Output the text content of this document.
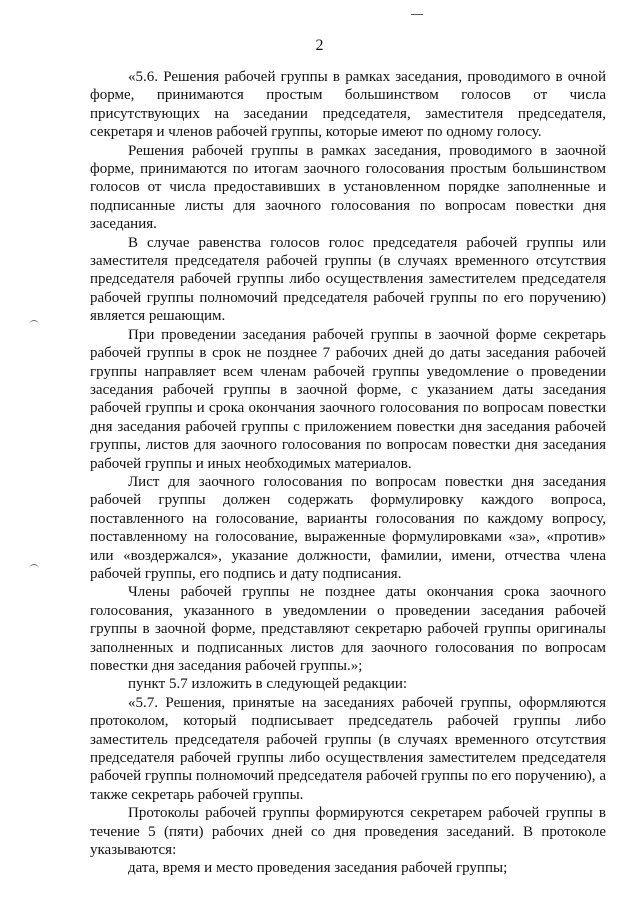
2

«5.6. Решения рабочей группы в рамках заседания, проводимого в очной форме, принимаются простым большинством голосов от числа присутствующих на заседании председателя, заместителя председателя, секретаря и членов рабочей группы, которые имеют по одному голосу.

Решения рабочей группы в рамках заседания, проводимого в заочной форме, принимаются по итогам заочного голосования простым большинством голосов от числа предоставивших в установленном порядке заполненные и подписанные листы для заочного голосования по вопросам повестки дня заседания.

В случае равенства голосов голос председателя рабочей группы или заместителя председателя рабочей группы (в случаях временного отсутствия председателя рабочей группы либо осуществления заместителем председателя рабочей группы полномочий председателя рабочей группы по его поручению) является решающим.

При проведении заседания рабочей группы в заочной форме секретарь рабочей группы в срок не позднее 7 рабочих дней до даты заседания рабочей группы направляет всем членам рабочей группы уведомление о проведении заседания рабочей группы в заочной форме, с указанием даты заседания рабочей группы и срока окончания заочного голосования по вопросам повестки дня заседания рабочей группы с приложением повестки дня заседания рабочей группы, листов для заочного голосования по вопросам повестки дня заседания рабочей группы и иных необходимых материалов.

Лист для заочного голосования по вопросам повестки дня заседания рабочей группы должен содержать формулировку каждого вопроса, поставленного на голосование, варианты голосования по каждому вопросу, поставленному на голосование, выраженные формулировками «за», «против» или «воздержался», указание должности, фамилии, имени, отчества члена рабочей группы, его подпись и дату подписания.

Члены рабочей группы не позднее даты окончания срока заочного голосования, указанного в уведомлении о проведении заседания рабочей группы в заочной форме, представляют секретарю рабочей группы оригиналы заполненных и подписанных листов для заочного голосования по вопросам повестки дня заседания рабочей группы.»;

пункт 5.7 изложить в следующей редакции:

«5.7. Решения, принятые на заседаниях рабочей группы, оформляются протоколом, который подписывает председатель рабочей группы либо заместитель председателя рабочей группы (в случаях временного отсутствия председателя рабочей группы либо осуществления заместителем председателя рабочей группы полномочий председателя рабочей группы по его поручению), а также секретарь рабочей группы.

Протоколы рабочей группы формируются секретарем рабочей группы в течение 5 (пяти) рабочих дней со дня проведения заседаний. В протоколе указываются:

дата, время и место проведения заседания рабочей группы;
